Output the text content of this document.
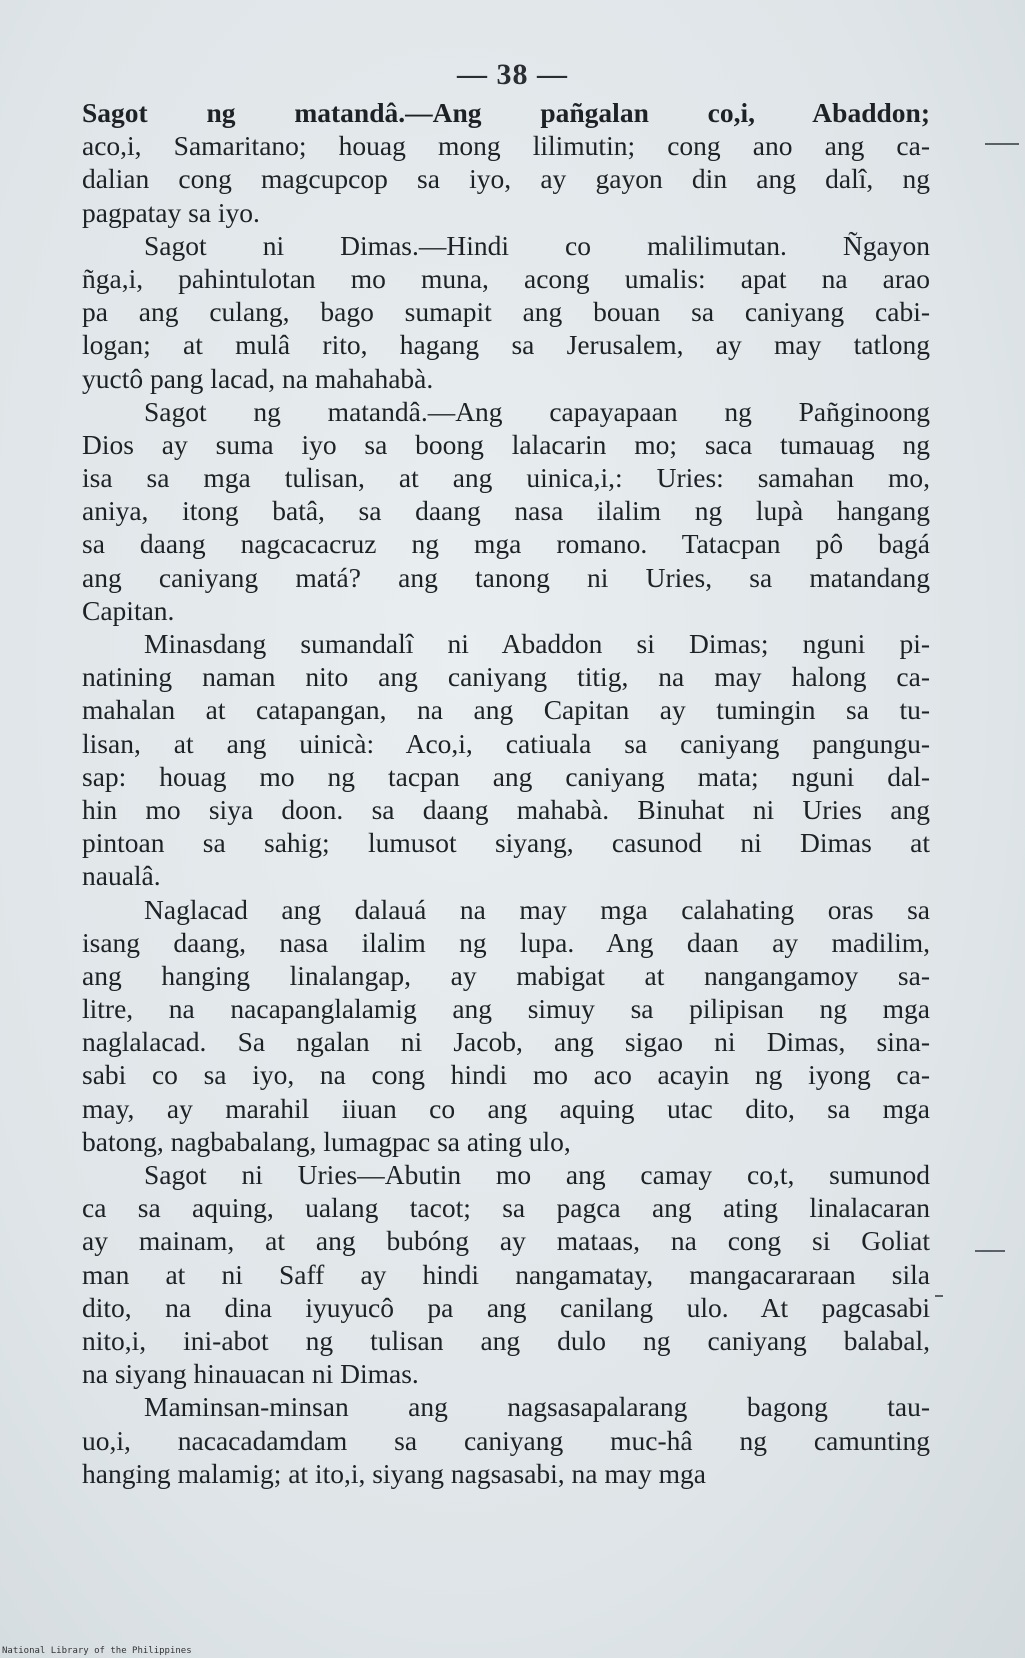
— 38 —
Sagot ng matandâ.—Ang pañgalan co,i, Abaddon;
aco,i, Samaritano; houag mong lilimutin; cong ano ang ca-
dalian cong magcupcop sa iyo, ay gayon din ang dalî, ng
pagpatay sa iyo.
Sagot ni Dimas.—Hindi co malilimutan. Ñgayon
ñga,i, pahintulotan mo muna, acong umalis: apat na arao
pa ang culang, bago sumapit ang bouan sa caniyang cabi-
logan; at mulâ rito, hagang sa Jerusalem, ay may tatlong
yuctô pang lacad, na mahahabà.
Sagot ng matandâ.—Ang capayapaan ng Pañginoong
Dios ay suma iyo sa boong lalacarin mo; saca tumauag ng
isa sa mga tulisan, at ang uinica,i,: Uries: samahan mo,
aniya, itong batâ, sa daang nasa ilalim ng lupà hangang
sa daang nagcacacruz ng mga romano. Tatacpan pô bagá
ang caniyang matá? ang tanong ni Uries, sa matandang
Capitan.
Minasdang sumandalî ni Abaddon si Dimas; nguni pi-
natining naman nito ang caniyang titig, na may halong ca-
mahalan at catapangan, na ang Capitan ay tumingin sa tu-
lisan, at ang uinicà: Aco,i, catiuala sa caniyang pangungu-
sap: houag mo ng tacpan ang caniyang mata; nguni dal-
hin mo siya doon. sa daang mahabà. Binuhat ni Uries ang
pintoan sa sahig; lumusot siyang, casunod ni Dimas at
naualâ.
Naglacad ang dalauá na may mga calahating oras sa
isang daang, nasa ilalim ng lupa. Ang daan ay madilim,
ang hanging linalangap, ay mabigat at nangangamoy sa-
litre, na nacapanglalamig ang simuy sa pilipisan ng mga
naglalacad. Sa ngalan ni Jacob, ang sigao ni Dimas, sina-
sabi co sa iyo, na cong hindi mo aco acayin ng iyong ca-
may, ay marahil iiuan co ang aquing utac dito, sa mga
batong, nagbabalang, lumagpac sa ating ulo,
Sagot ni Uries—Abutin mo ang camay co,t, sumunod
ca sa aquing, ualang tacot; sa pagca ang ating linalacaran
ay mainam, at ang bubóng ay mataas, na cong si Goliat
man at ni Saff ay hindi nangamatay, mangacararaan sila
dito, na dina iyuyucô pa ang canilang ulo. At pagcasabi
nito,i, ini-abot ng tulisan ang dulo ng caniyang balabal,
na siyang hinauacan ni Dimas.
Maminsan-minsan ang nagsasapalarang bagong tau-
uo,i, nacacadamdam sa caniyang muc-hâ ng camunting
hanging malamig; at ito,i, siyang nagsasabi, na may mga
National Library of the Philippines
